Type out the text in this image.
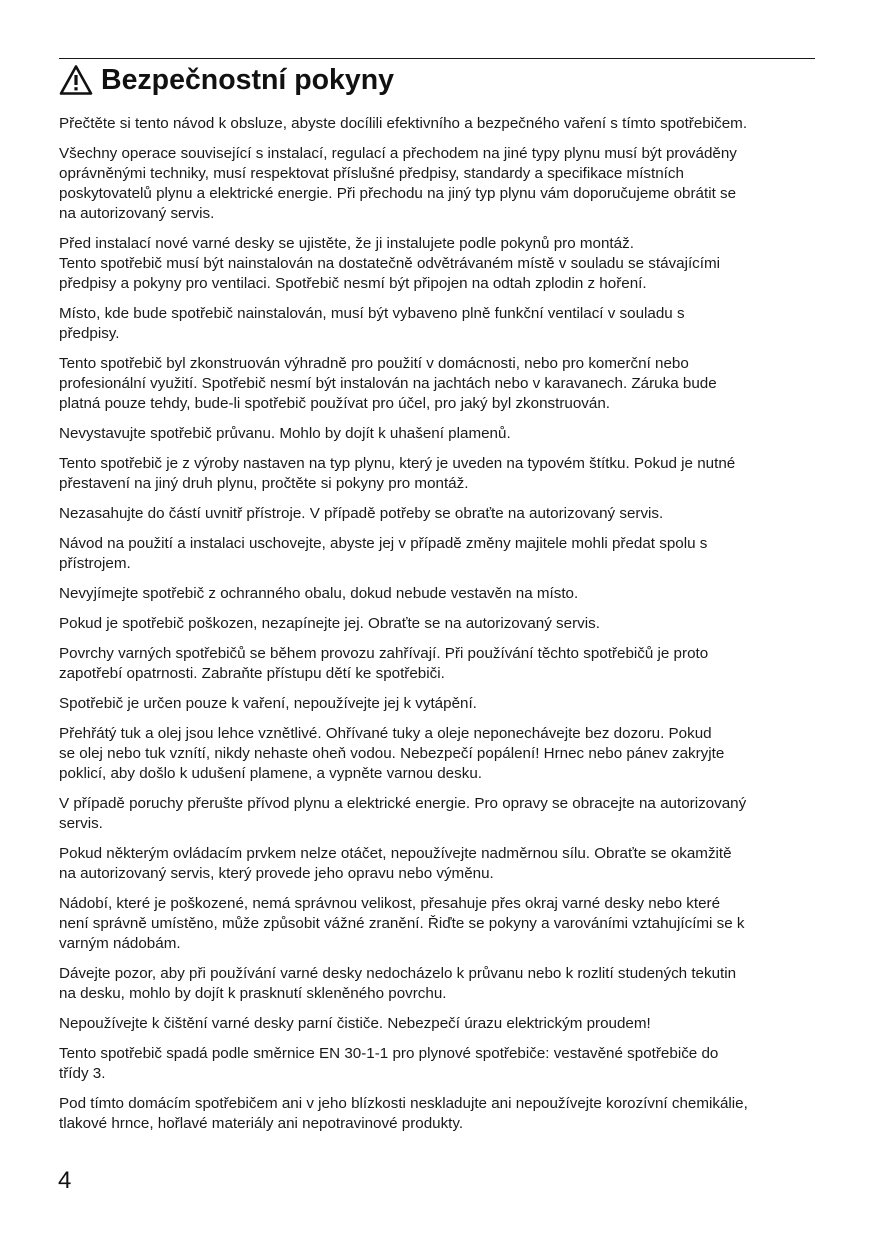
Bezpečnostní pokyny

Přečtěte si tento návod k obsluze, abyste docílili efektivního a bezpečného vaření s tímto spotřebičem.

Všechny operace související s instalací, regulací a přechodem na jiné typy plynu musí být prováděny
oprávněnými techniky, musí respektovat příslušné předpisy, standardy a specifikace místních
poskytovatelů plynu a elektrické energie. Při přechodu na jiný typ plynu vám doporučujeme obrátit se
na autorizovaný servis.

Před instalací nové varné desky se ujistěte, že ji instalujete podle pokynů pro montáž.
Tento spotřebič musí být nainstalován na dostatečně odvětrávaném místě v souladu se stávajícími
předpisy a pokyny pro ventilaci. Spotřebič nesmí být připojen na odtah zplodin z hoření.

Místo, kde bude spotřebič nainstalován, musí být vybaveno plně funkční ventilací v souladu s
předpisy.

Tento spotřebič byl zkonstruován výhradně pro použití v domácnosti, nebo pro komerční nebo
profesionální využití. Spotřebič nesmí být instalován na jachtách nebo v karavanech. Záruka bude
platná pouze tehdy, bude-li spotřebič používat pro účel, pro jaký byl zkonstruován.

Nevystavujte spotřebič průvanu. Mohlo by dojít k uhašení plamenů.

Tento spotřebič je z výroby nastaven na typ plynu, který je uveden na typovém štítku. Pokud je nutné
přestavení na jiný druh plynu, pročtěte si pokyny pro montáž.

Nezasahujte do částí uvnitř přístroje. V případě potřeby se obraťte na autorizovaný servis.

Návod na použití a instalaci uschovejte, abyste jej v případě změny majitele mohli předat spolu s
přístrojem.

Nevyjímejte spotřebič z ochranného obalu, dokud nebude vestavěn na místo.

Pokud je spotřebič poškozen, nezapínejte jej. Obraťte se na autorizovaný servis.

Povrchy varných spotřebičů se během provozu zahřívají. Při používání těchto spotřebičů je proto
zapotřebí opatrnosti. Zabraňte přístupu dětí ke spotřebiči.

Spotřebič je určen pouze k vaření, nepoužívejte jej k vytápění.

Přehřátý tuk a olej jsou lehce vznětlivé. Ohřívané tuky a oleje neponechávejte bez dozoru. Pokud
se olej nebo tuk vznítí, nikdy nehaste oheň vodou. Nebezpečí popálení! Hrnec nebo pánev zakryjte
poklicí, aby došlo k udušení plamene, a vypněte varnou desku.

V případě poruchy přerušte přívod plynu a elektrické energie. Pro opravy se obracejte na autorizovaný
servis.

Pokud některým ovládacím prvkem nelze otáčet, nepoužívejte nadměrnou sílu. Obraťte se okamžitě
na autorizovaný servis, který provede jeho opravu nebo výměnu.

Nádobí, které je poškozené, nemá správnou velikost, přesahuje přes okraj varné desky nebo které
není správně umístěno, může způsobit vážné zranění. Řiďte se pokyny a varováními vztahujícími se k
varným nádobám.

Dávejte pozor, aby při používání varné desky nedocházelo k průvanu nebo k rozlití studených tekutin
na desku, mohlo by dojít k prasknutí skleněného povrchu.

Nepoužívejte k čištění varné desky parní čističe. Nebezpečí úrazu elektrickým proudem!

Tento spotřebič spadá podle směrnice EN 30-1-1 pro plynové spotřebiče: vestavěné spotřebiče do
třídy 3.

Pod tímto domácím spotřebičem ani v jeho blízkosti neskladujte ani nepoužívejte korozívní chemikálie,
tlakové hrnce, hořlavé materiály ani nepotravinové produkty.

4
